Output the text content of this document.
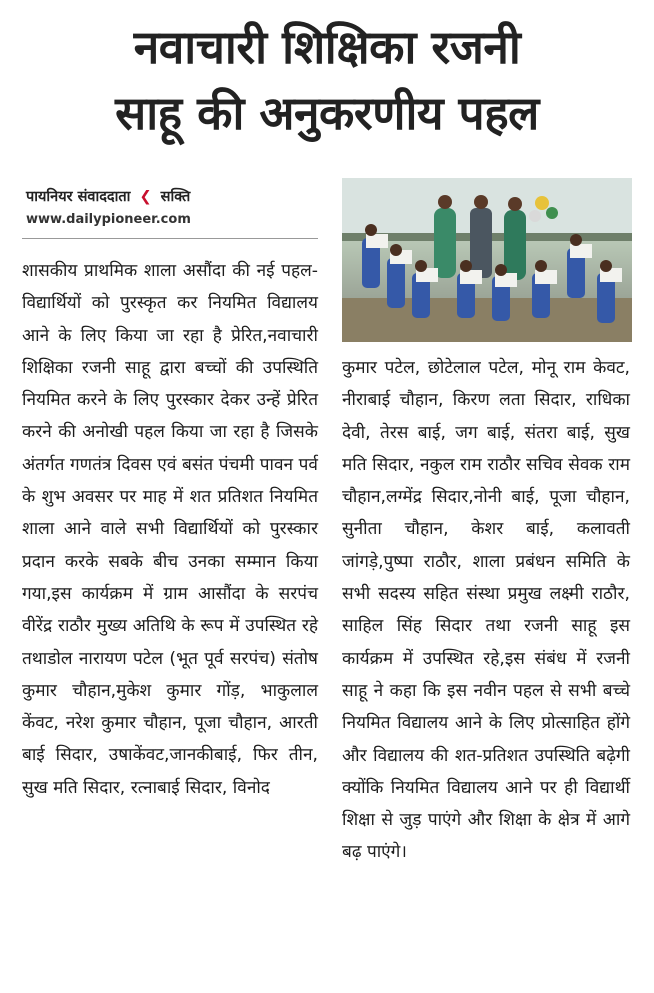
नवाचारी शिक्षिका रजनी
साहू की अनुकरणीय पहल
पायनियर संवाददाता ❮ सक्ति
www.dailypioneer.com

शासकीय प्राथमिक शाला असौंदा की नई पहल-विद्यार्थियों को पुरस्कृत कर नियमित विद्यालय आने के लिए किया जा रहा है प्रेरित,नवाचारी शिक्षिका रजनी साहू द्वारा बच्चों की उपस्थिति नियमित करने के लिए पुरस्कार देकर उन्हें प्रेरित करने की अनोखी पहल किया जा रहा है जिसके अंतर्गत गणतंत्र दिवस एवं बसंत पंचमी पावन पर्व के शुभ अवसर पर माह में शत प्रतिशत नियमित शाला आने वाले सभी विद्यार्थियों को पुरस्कार प्रदान करके सबके बीच उनका सम्मान किया गया,इस कार्यक्रम में ग्राम आसौंदा के सरपंच वीरेंद्र राठौर मुख्य अतिथि के रूप में उपस्थित रहे तथाडोल नारायण पटेल (भूत पूर्व सरपंच) संतोष कुमार चौहान,मुकेश कुमार गोंड़, भाकुलाल केंवट, नरेश कुमार चौहान, पूजा चौहान, आरती बाई सिदार, उषाकेंवट,जानकीबाई, फिर तीन, सुख मति सिदार, रत्नाबाई सिदार, विनोद

कुमार पटेल, छोटेलाल पटेल, मोनू राम केवट, नीराबाई चौहान, किरण लता सिदार, राधिका देवी, तेरस बाई, जग बाई, संतरा बाई, सुख मति सिदार, नकुल राम राठौर सचिव सेवक राम चौहान,लग्मेंद्र सिदार,नोनी बाई, पूजा चौहान, सुनीता चौहान, केशर बाई, कलावती जांगड़े,पुष्पा राठौर, शाला प्रबंधन समिति के सभी सदस्य सहित संस्था प्रमुख लक्ष्मी राठौर, साहिल सिंह सिदार तथा रजनी साहू इस कार्यक्रम में उपस्थित रहे,इस संबंध में रजनी साहू ने कहा कि इस नवीन पहल से सभी बच्चे नियमित विद्यालय आने के लिए प्रोत्साहित होंगे और विद्यालय की शत-प्रतिशत उपस्थिति बढ़ेगी क्योंकि नियमित विद्यालय आने पर ही विद्यार्थी शिक्षा से जुड़ पाएंगे और शिक्षा के क्षेत्र में आगे बढ़ पाएंगे।
